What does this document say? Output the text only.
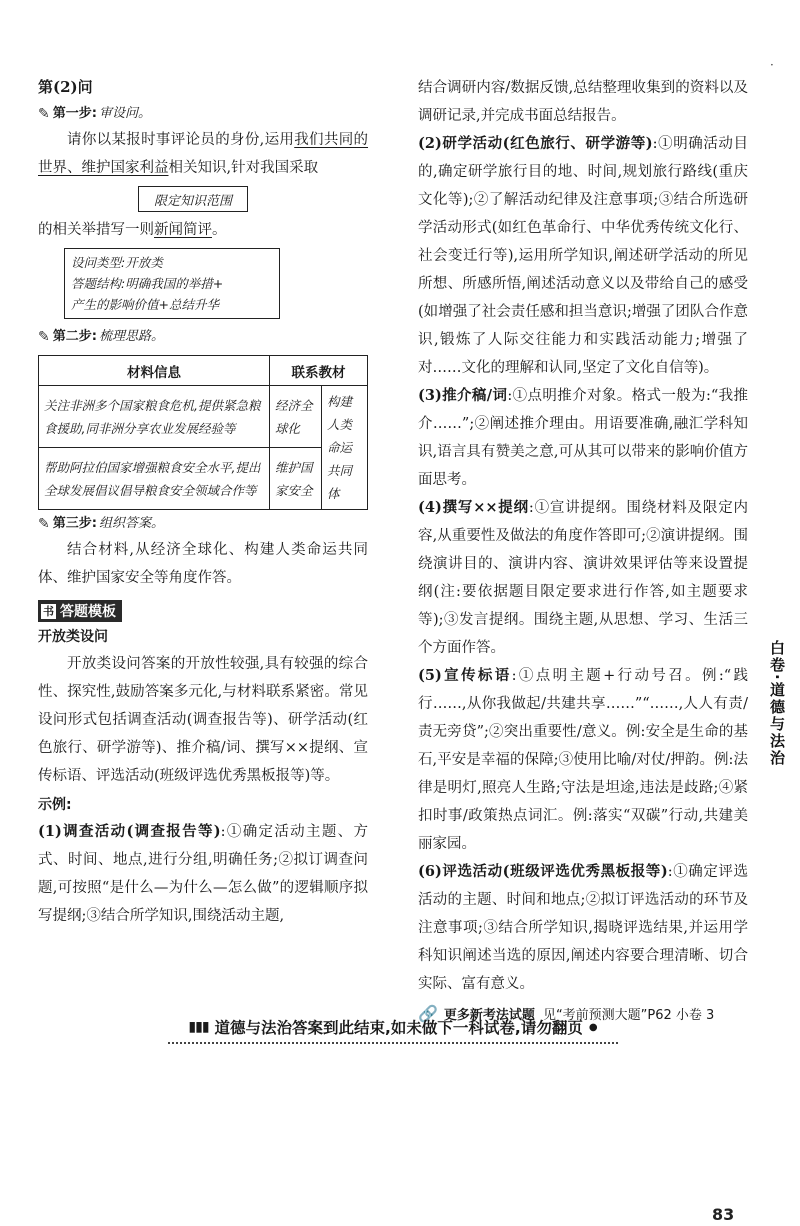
·
第(2)问
✎ 第一步: 审设问。
请你以某报时事评论员的身份,运用我们共同的世界、维护国家利益相关知识,针对我国采取
限定知识范围
的相关举措写一则新闻简评。
设问类型:开放类
答题结构:明确我国的举措+
产生的影响价值+总结升华
✎ 第二步: 梳理思路。
材料信息	联系教材	
关注非洲多个国家粮食危机,提供紧急粮食援助,同非洲分享农业发展经验等	经济全球化	构建人类命运共同体
帮助阿拉伯国家增强粮食安全水平,提出全球发展倡议倡导粮食安全领域合作等	维护国家安全	
✎ 第三步: 组织答案。
结合材料,从经济全球化、构建人类命运共同体、维护国家安全等角度作答。
书 答题模板
开放类设问
开放类设问答案的开放性较强,具有较强的综合性、探究性,鼓励答案多元化,与材料联系紧密。常见设问形式包括调查活动(调查报告等)、研学活动(红色旅行、研学游等)、推介稿/词、撰写××提纲、宣传标语、评选活动(班级评选优秀黑板报等)等。
示例:
(1)调查活动(调查报告等):①确定活动主题、方式、时间、地点,进行分组,明确任务;②拟订调查问题,可按照“是什么—为什么—怎么做”的逻辑顺序拟写提纲;③结合所学知识,围绕活动主题,
结合调研内容/数据反馈,总结整理收集到的资料以及调研记录,并完成书面总结报告。
(2)研学活动(红色旅行、研学游等):①明确活动目的,确定研学旅行目的地、时间,规划旅行路线(重庆文化等);②了解活动纪律及注意事项;③结合所选研学活动形式(如红色革命行、中华优秀传统文化行、社会变迁行等),运用所学知识,阐述研学活动的所见所想、所感所悟,阐述活动意义以及带给自己的感受(如增强了社会责任感和担当意识;增强了团队合作意识,锻炼了人际交往能力和实践活动能力;增强了对……文化的理解和认同,坚定了文化自信等)。
(3)推介稿/词:①点明推介对象。格式一般为:“我推介……”;②阐述推介理由。用语要准确,融汇学科知识,语言具有赞美之意,可从其可以带来的影响价值方面思考。
(4)撰写××提纲:①宣讲提纲。围绕材料及限定内容,从重要性及做法的角度作答即可;②演讲提纲。围绕演讲目的、演讲内容、演讲效果评估等来设置提纲(注:要依据题目限定要求进行作答,如主题要求等);③发言提纲。围绕主题,从思想、学习、生活三个方面作答。
(5)宣传标语:①点明主题+行动号召。例:“践行……,从你我做起/共建共享……”“……,人人有责/责无旁贷”;②突出重要性/意义。例:安全是生命的基石,平安是幸福的保障;③使用比喻/对仗/押韵。例:法律是明灯,照亮人生路;守法是坦途,违法是歧路;④紧扣时事/政策热点词汇。例:落实“双碳”行动,共建美丽家园。
(6)评选活动(班级评选优秀黑板报等):①确定评选活动的主题、时间和地点;②拟订评选活动的环节及注意事项;③结合所学知识,揭晓评选结果,并运用学科知识阐述当选的原因,阐述内容要合理清晰、切合实际、富有意义。
🔗 更多新考法试题 见“考前预测大题”P62 小卷 3
白卷·道德与法治
▮▮▮ 道德与法治答案到此结束,如未做下一科试卷,请勿翻页 ●
83
